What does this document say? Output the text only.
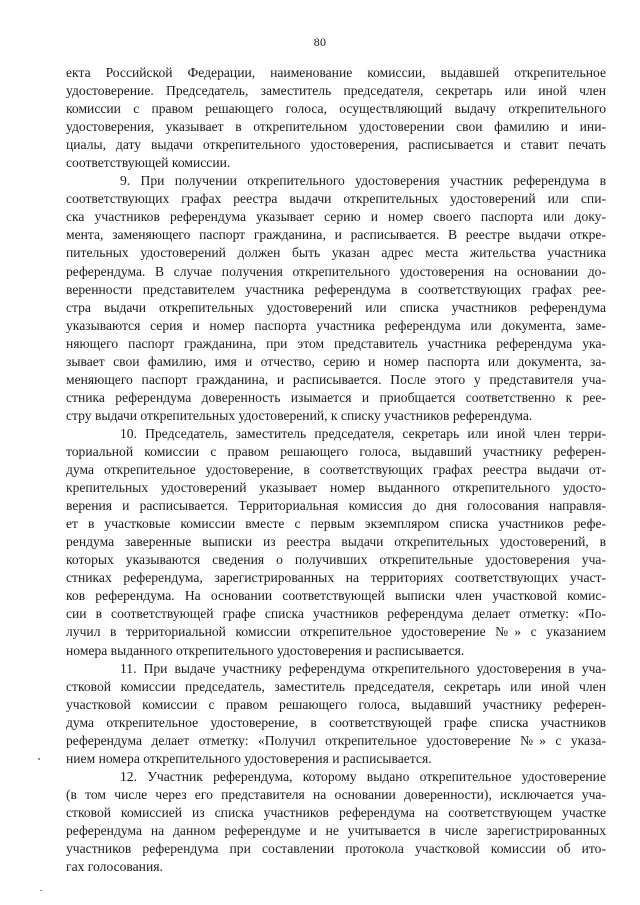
80
екта Российской Федерации, наименование комиссии, выдавшей открепительное
удостоверение. Председатель, заместитель председателя, секретарь или иной член
комиссии с правом решающего голоса, осуществляющий выдачу открепительного
удостоверения, указывает в открепительном удостоверении свои фамилию и ини-
циалы, дату выдачи открепительного удостоверения, расписывается и ставит печать
соответствующей комиссии.
9. При получении открепительного удостоверения участник референдума в
соответствующих графах реестра выдачи открепительных удостоверений или спи-
ска участников референдума указывает серию и номер своего паспорта или доку-
мента, заменяющего паспорт гражданина, и расписывается. В реестре выдачи откре-
пительных удостоверений должен быть указан адрес места жительства участника
референдума. В случае получения открепительного удостоверения на основании до-
веренности представителем участника референдума в соответствующих графах рее-
стра выдачи открепительных удостоверений или списка участников референдума
указываются серия и номер паспорта участника референдума или документа, заме-
няющего паспорт гражданина, при этом представитель участника референдума ука-
зывает свои фамилию, имя и отчество, серию и номер паспорта или документа, за-
меняющего паспорт гражданина, и расписывается. После этого у представителя уча-
стника референдума доверенность изымается и приобщается соответственно к рее-
стру выдачи открепительных удостоверений, к списку участников референдума.
10. Председатель, заместитель председателя, секретарь или иной член терри-
ториальной комиссии с правом решающего голоса, выдавший участнику референ-
дума открепительное удостоверение, в соответствующих графах реестра выдачи от-
крепительных удостоверений указывает номер выданного открепительного удосто-
верения и расписывается. Территориальная комиссия до дня голосования направля-
ет в участковые комиссии вместе с первым экземпляром списка участников рефе-
рендума заверенные выписки из реестра выдачи открепительных удостоверений, в
которых указываются сведения о получивших открепительные удостоверения уча-
стниках референдума, зарегистрированных на территориях соответствующих участ-
ков референдума. На основании соответствующей выписки член участковой комис-
сии в соответствующей графе списка участников референдума делает отметку: «По-
лучил в территориальной комиссии открепительное удостоверение №» с указанием
номера выданного открепительного удостоверения и расписывается.
11. При выдаче участнику референдума открепительного удостоверения в уча-
стковой комиссии председатель, заместитель председателя, секретарь или иной член
участковой комиссии с правом решающего голоса, выдавший участнику референ-
дума открепительное удостоверение, в соответствующей графе списка участников
референдума делает отметку: «Получил открепительное удостоверение №» с указа-
нием номера открепительного удостоверения и расписывается.
12. Участник референдума, которому выдано открепительное удостоверение
(в том числе через его представителя на основании доверенности), исключается уча-
стковой комиссией из списка участников референдума на соответствующем участке
референдума на данном референдуме и не учитывается в числе зарегистрированных
участников референдума при составлении протокола участковой комиссии об ито-
гах голосования.
